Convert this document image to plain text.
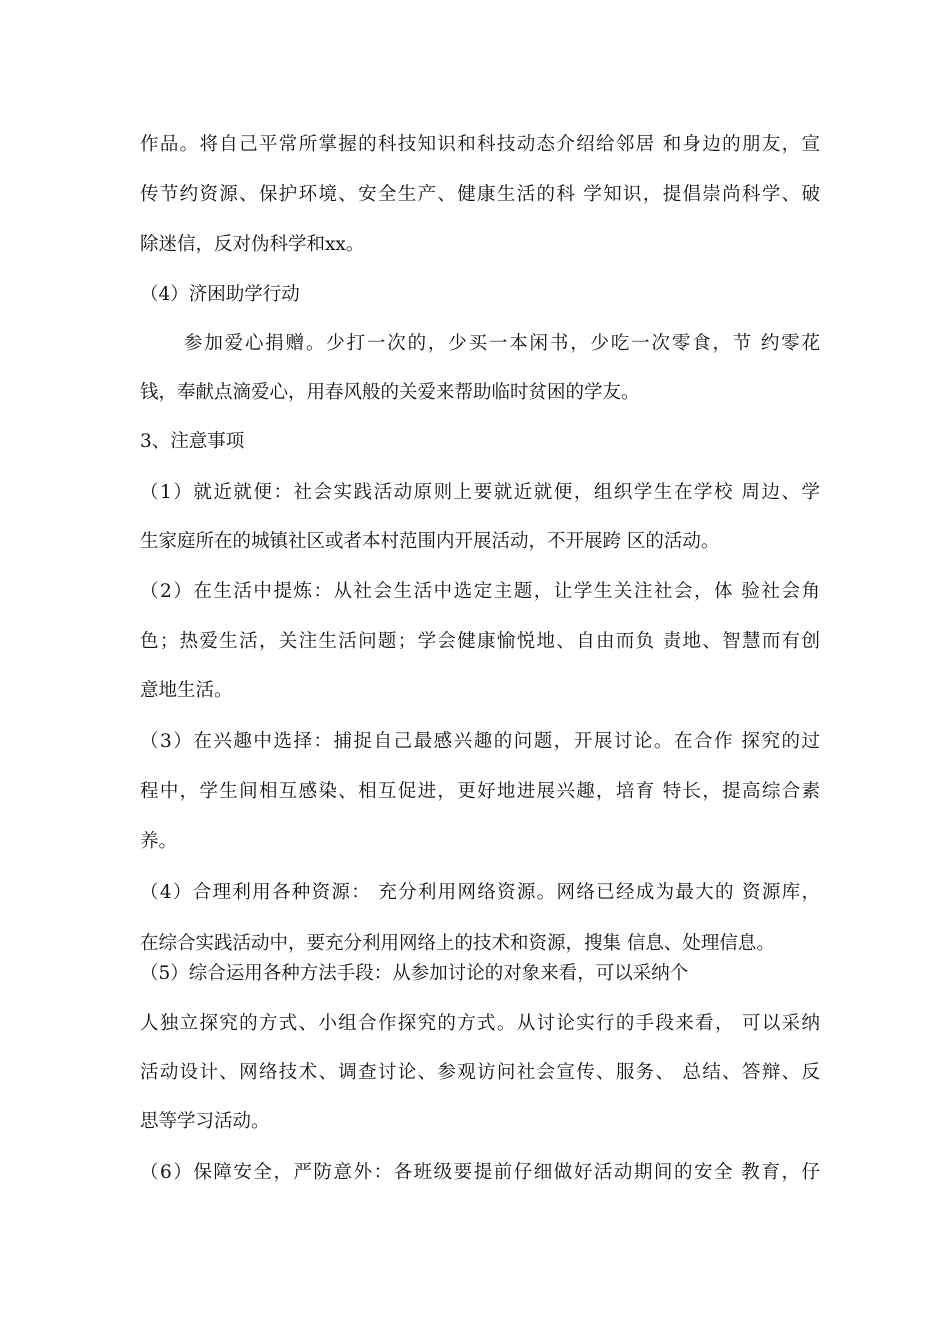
作品。将自己平常所掌握的科技知识和科技动态介绍给邻居 和身边的朋友，宣
传节约资源、保护环境、安全生产、健康生活的科 学知识，提倡崇尚科学、破
除迷信，反对伪科学和xx。
（4）济困助学行动
参加爱心捐赠。少打一次的，少买一本闲书，少吃一次零食，节 约零花
钱，奉献点滴爱心，用春风般的关爱来帮助临时贫困的学友。
3、注意事项
（1）就近就便：社会实践活动原则上要就近就便，组织学生在学校 周边、学
生家庭所在的城镇社区或者本村范围内开展活动，不开展跨 区的活动。
（2）在生活中提炼：从社会生活中选定主题，让学生关注社会，体 验社会角
色；热爱生活，关注生活问题；学会健康愉悦地、自由而负 责地、智慧而有创
意地生活。
（3）在兴趣中选择：捕捉自己最感兴趣的问题，开展讨论。在合作 探究的过
程中，学生间相互感染、相互促进，更好地进展兴趣，培育 特长，提高综合素
养。
（4）合理利用各种资源： 充分利用网络资源。网络已经成为最大的 资源库，
在综合实践活动中，要充分利用网络上的技术和资源，搜集 信息、处理信息。
（5）综合运用各种方法手段：从参加讨论的对象来看，可以采纳个
人独立探究的方式、小组合作探究的方式。从讨论实行的手段来看， 可以采纳
活动设计、网络技术、调查讨论、参观访问社会宣传、服务、 总结、答辩、反
思等学习活动。
（6）保障安全，严防意外：各班级要提前仔细做好活动期间的安全 教育，仔
